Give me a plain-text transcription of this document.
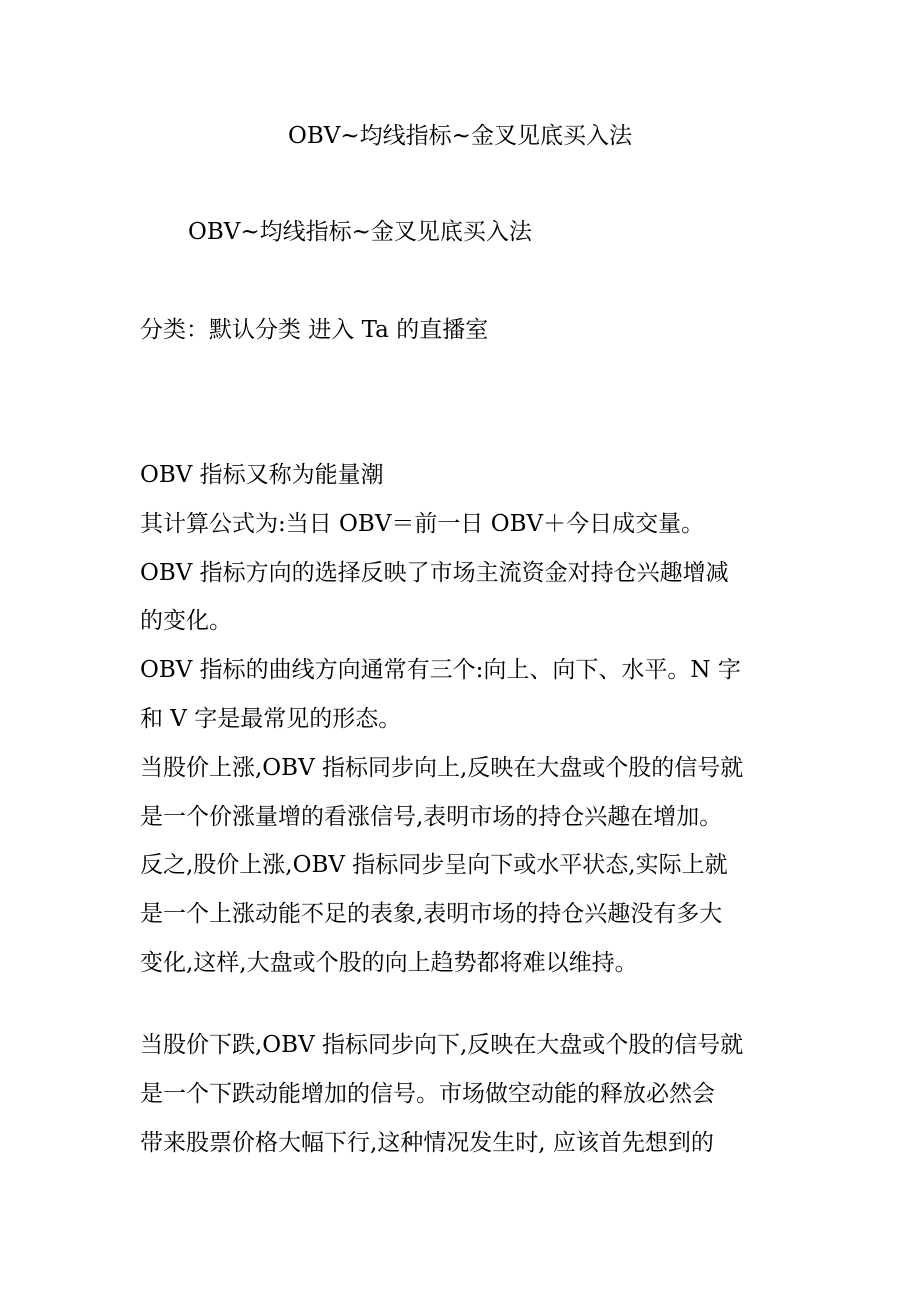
OBV~均线指标~金叉见底买入法
OBV~均线指标~金叉见底买入法
分类：默认分类 进入 Ta 的直播室
OBV 指标又称为能量潮
其计算公式为:当日 OBV＝前一日 OBV＋今日成交量。
OBV 指标方向的选择反映了市场主流资金对持仓兴趣增减
的变化。
OBV 指标的曲线方向通常有三个:向上、向下、水平。N 字
和 V 字是最常见的形态。
当股价上涨,OBV 指标同步向上,反映在大盘或个股的信号就
是一个价涨量增的看涨信号,表明市场的持仓兴趣在增加。
反之,股价上涨,OBV 指标同步呈向下或水平状态,实际上就
是一个上涨动能不足的表象,表明市场的持仓兴趣没有多大
变化,这样,大盘或个股的向上趋势都将难以维持。
当股价下跌,OBV 指标同步向下,反映在大盘或个股的信号就
是一个下跌动能增加的信号。市场做空动能的释放必然会
带来股票价格大幅下行,这种情况发生时, 应该首先想到的
